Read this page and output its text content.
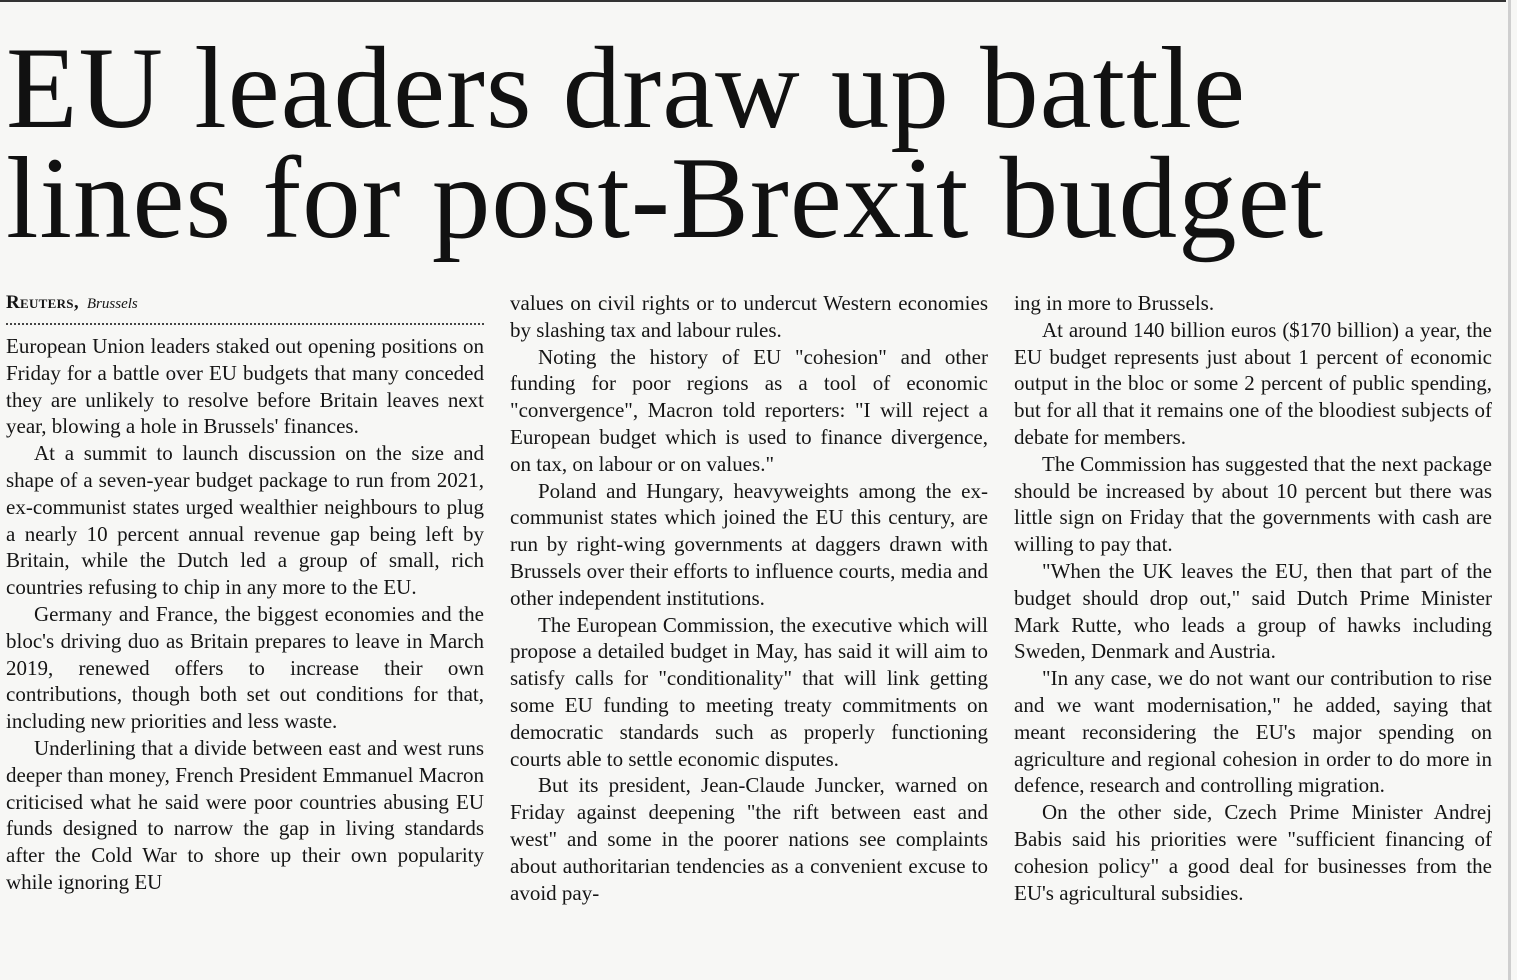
EU leaders draw up battle
lines for post-Brexit budget
Reuters, Brussels

European Union leaders staked out opening positions on Friday for a battle over EU budgets that many conceded they are unlikely to resolve before Britain leaves next year, blowing a hole in Brussels' finances.

At a summit to launch discussion on the size and shape of a seven-year budget package to run from 2021, ex-communist states urged wealthier neighbours to plug a nearly 10 percent annual revenue gap being left by Britain, while the Dutch led a group of small, rich countries refusing to chip in any more to the EU.

Germany and France, the biggest economies and the bloc's driving duo as Britain prepares to leave in March 2019, renewed offers to increase their own contributions, though both set out conditions for that, including new priorities and less waste.

Underlining that a divide between east and west runs deeper than money, French President Emmanuel Macron criticised what he said were poor countries abusing EU funds designed to narrow the gap in living standards after the Cold War to shore up their own popularity while ignoring EU

values on civil rights or to undercut Western economies by slashing tax and labour rules.

Noting the history of EU "cohesion" and other funding for poor regions as a tool of economic "convergence", Macron told reporters: "I will reject a European budget which is used to finance divergence, on tax, on labour or on values."

Poland and Hungary, heavyweights among the ex-communist states which joined the EU this century, are run by right-wing governments at daggers drawn with Brussels over their efforts to influence courts, media and other independent institutions.

The European Commission, the executive which will propose a detailed budget in May, has said it will aim to satisfy calls for "conditionality" that will link getting some EU funding to meeting treaty commitments on democratic standards such as properly functioning courts able to settle economic disputes.

But its president, Jean-Claude Juncker, warned on Friday against deepening "the rift between east and west" and some in the poorer nations see complaints about authoritarian tendencies as a convenient excuse to avoid pay-

ing in more to Brussels.

At around 140 billion euros ($170 billion) a year, the EU budget represents just about 1 percent of economic output in the bloc or some 2 percent of public spending, but for all that it remains one of the bloodiest subjects of debate for members.

The Commission has suggested that the next package should be increased by about 10 percent but there was little sign on Friday that the governments with cash are willing to pay that.

"When the UK leaves the EU, then that part of the budget should drop out," said Dutch Prime Minister Mark Rutte, who leads a group of hawks including Sweden, Denmark and Austria.

"In any case, we do not want our contribution to rise and we want modernisation," he added, saying that meant reconsidering the EU's major spending on agriculture and regional cohesion in order to do more in defence, research and controlling migration.

On the other side, Czech Prime Minister Andrej Babis said his priorities were "sufficient financing of cohesion policy" a good deal for businesses from the EU's agricultural subsidies.
